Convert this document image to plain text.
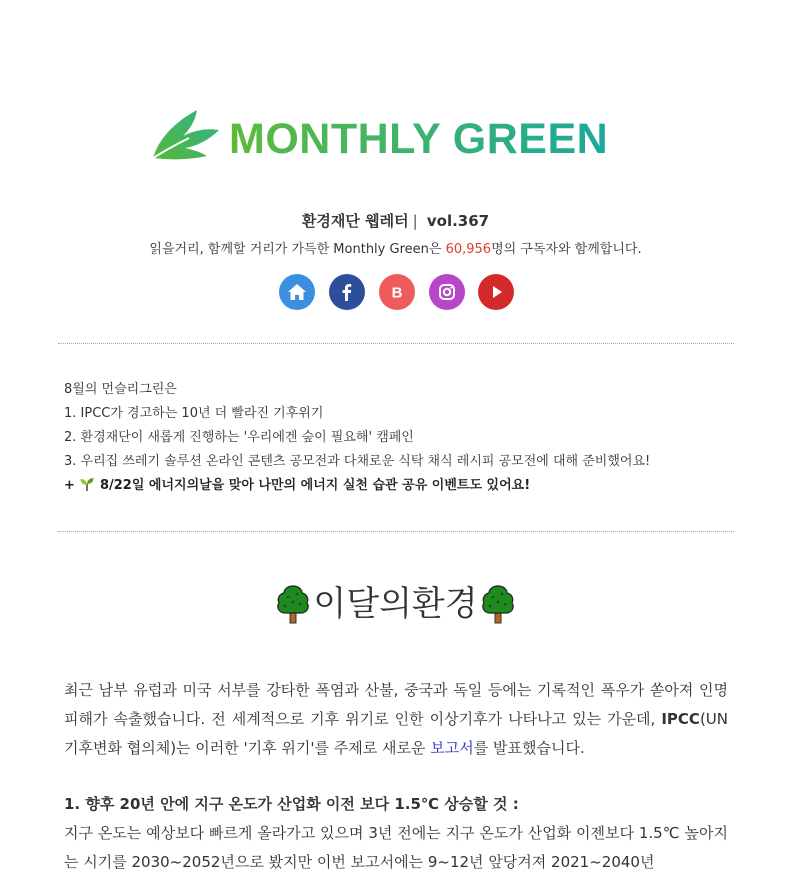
MONTHLY GREEN
환경재단 웹레터 | vol.367
읽을거리, 함께할 거리가 가득한 Monthly Green은 60,956명의 구독자와 함께합니다.
B
8월의 먼슬리그린은
1. IPCC가 경고하는 10년 더 빨라진 기후위기
2. 환경재단이 새롭게 진행하는 '우리에겐 숲이 필요해' 캠페인
3. 우리집 쓰레기 솔루션 온라인 콘텐츠 공모전과 다채로운 식탁 채식 레시피 공모전에 대해 준비했어요!
+ 8/22일 에너지의날을 맞아 나만의 에너지 실천 습관 공유 이벤트도 있어요!
이달의환경

최근 남부 유럽과 미국 서부를 강타한 폭염과 산불, 중국과 독일 등에는 기록적인 폭우가 쏟아져 인명피해가 속출했습니다. 전 세계적으로 기후 위기로 인한 이상기후가 나타나고 있는 가운데, IPCC(UN 기후변화 협의체)는 이러한 '기후 위기'를 주제로 새로운 보고서를 발표했습니다.

1. 향후 20년 안에 지구 온도가 산업화 이전 보다 1.5℃ 상승할 것 :

지구 온도는 예상보다 빠르게 올라가고 있으며 3년 전에는 지구 온도가 산업화 이젠보다 1.5℃ 높아지는 시기를 2030~2052년으로 봤지만 이번 보고서에는 9~12년 앞당겨져 2021~2040년
